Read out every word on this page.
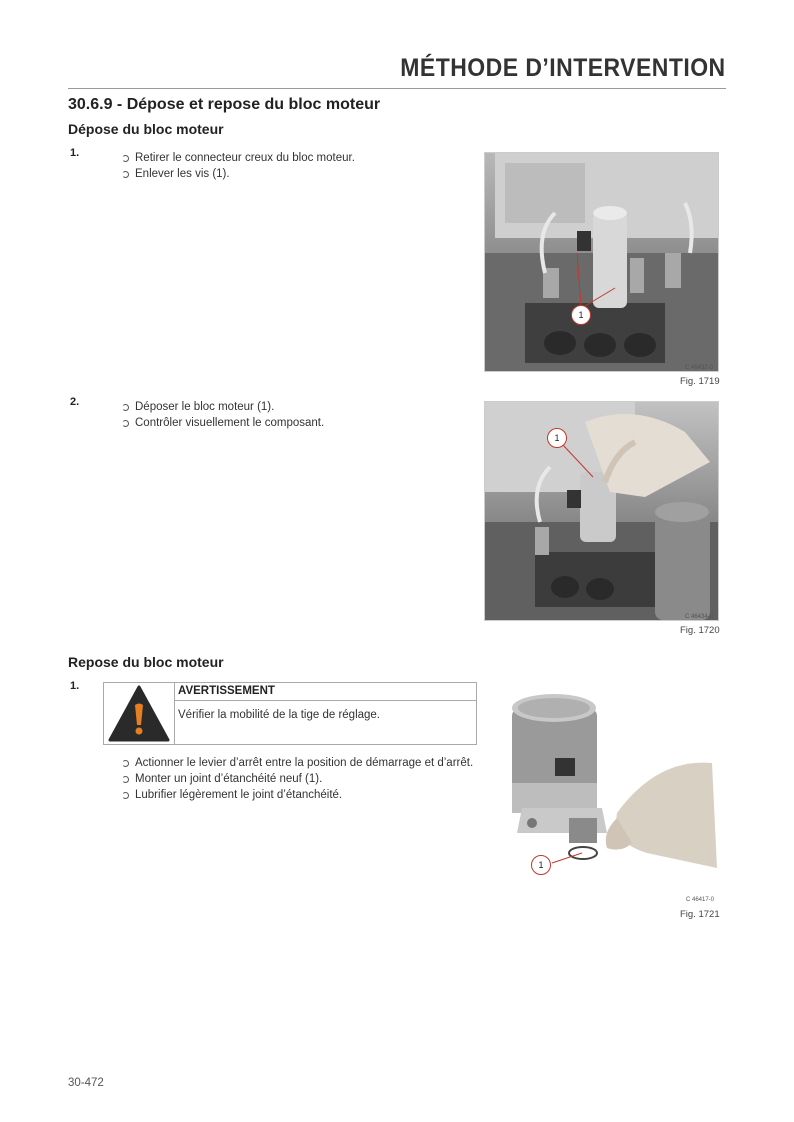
MÉTHODE D’INTERVENTION
30.6.9 - Dépose et repose du bloc moteur
Dépose du bloc moteur
1.	Retirer le connecteur creux du bloc moteur.
Enlever les vis (1).
1
C 46432-0
Fig. 1719
2.	Déposer le bloc moteur (1).
Contrôler visuellement le composant.
1
C 46434-0
Fig. 1720
Repose du bloc moteur
1.	AVERTISSEMENT
Vérifier la mobilité de la tige de réglage.
Actionner le levier d’arrêt entre la position de démarrage et d’arrêt.
Monter un joint d’étanchéité neuf (1).
Lubrifier légèrement le joint d’étanchéité.
1
C 46417-0
Fig. 1721
30-472
